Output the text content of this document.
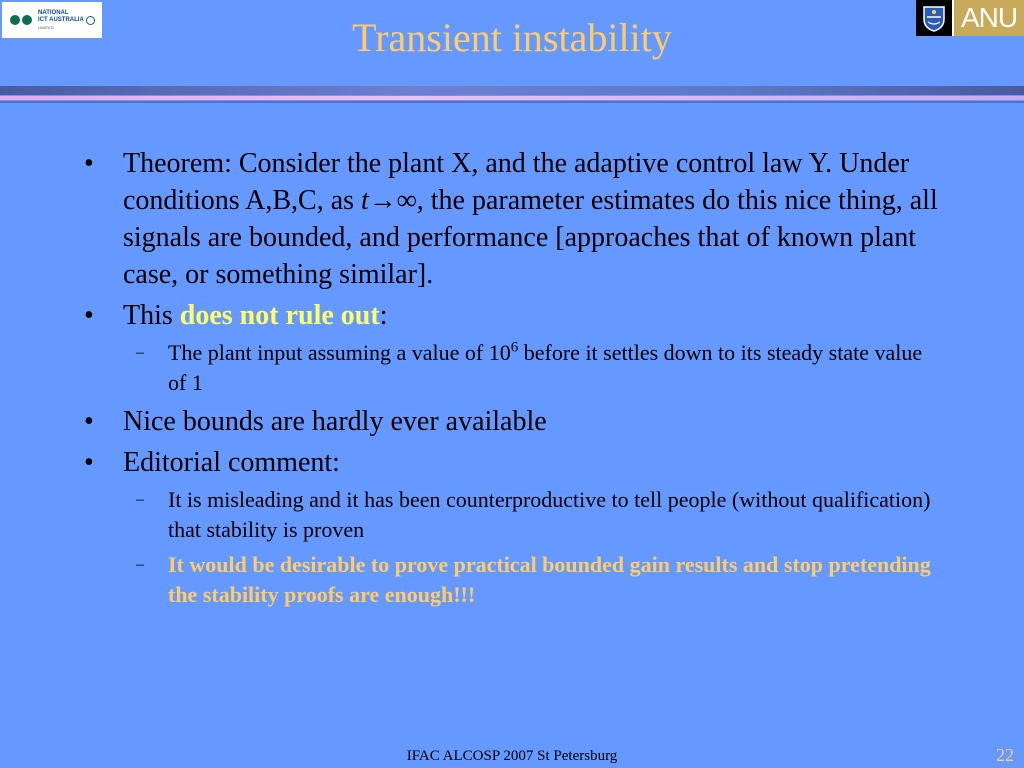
NATIONAL
ICT AUSTRALIA
LIMITED	ANU
Transient instability
• Theorem: Consider the plant X, and the adaptive control law Y. Under conditions A,B,C, as t→∞, the parameter estimates do this nice thing, all signals are bounded, and performance [approaches that of known plant case, or something similar].
• This does not rule out:
– The plant input assuming a value of $10^6$ before it settles down to its steady state value of 1
• Nice bounds are hardly ever available
• Editorial comment:
– It is misleading and it has been counterproductive to tell people (without qualification) that stability is proven
– It would be desirable to prove practical bounded gain results and stop pretending the stability proofs are enough!!!
IFAC ALCOSP 2007 St Petersburg	22
